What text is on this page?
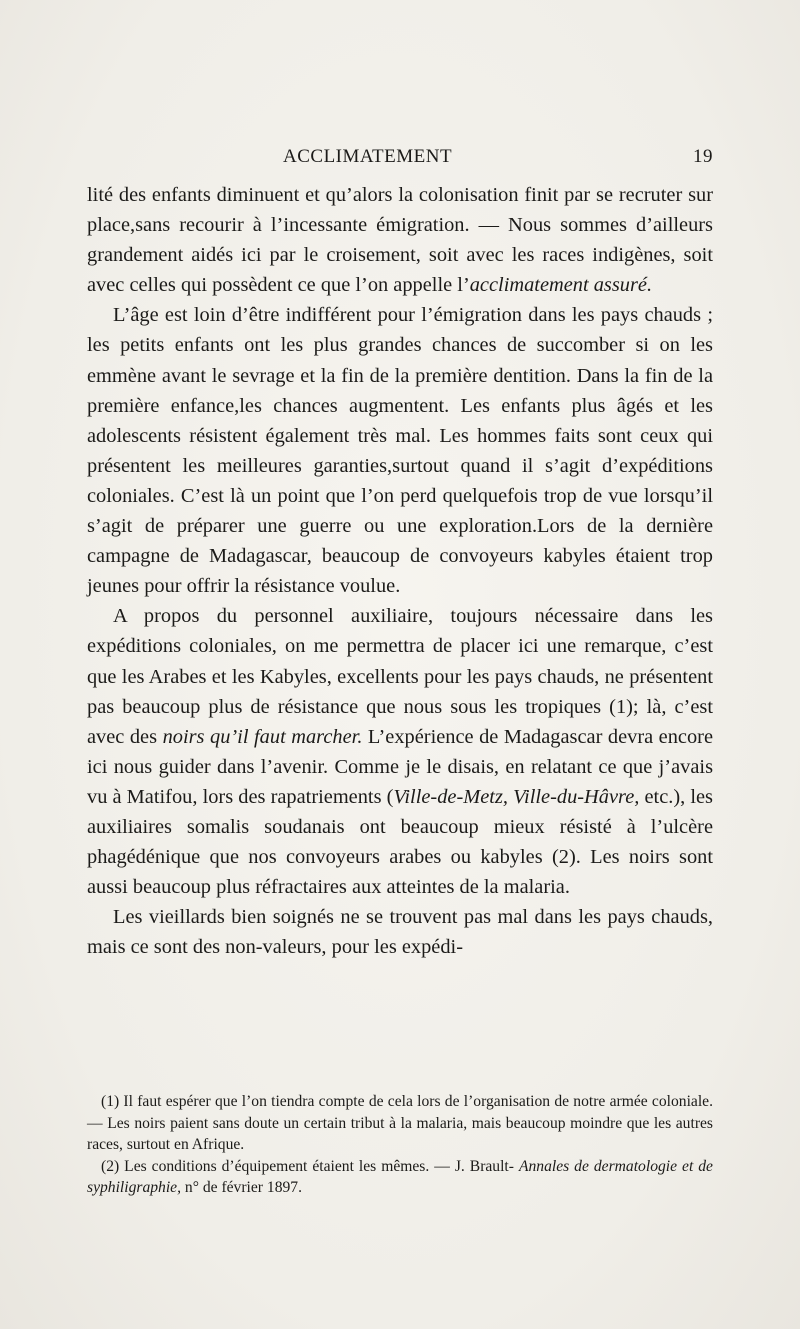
ACCLIMATEMENT	19

lité des enfants diminuent et qu’alors la colonisation finit par se recruter sur place,sans recourir à l’incessante émigration. — Nous sommes d’ailleurs grandement aidés ici par le croisement, soit avec les races indigènes, soit avec celles qui possèdent ce que l’on appelle l’acclimatement assuré.

L’âge est loin d’être indifférent pour l’émigration dans les pays chauds ; les petits enfants ont les plus grandes chances de succomber si on les emmène avant le sevrage et la fin de la première dentition. Dans la fin de la première enfance,les chances augmentent. Les enfants plus âgés et les adolescents résistent également très mal. Les hommes faits sont ceux qui présentent les meilleures garanties,surtout quand il s’agit d’expéditions coloniales. C’est là un point que l’on perd quelquefois trop de vue lorsqu’il s’agit de préparer une guerre ou une exploration.Lors de la dernière campagne de Madagascar, beaucoup de convoyeurs kabyles étaient trop jeunes pour offrir la résistance voulue.

A propos du personnel auxiliaire, toujours nécessaire dans les expéditions coloniales, on me permettra de placer ici une remarque, c’est que les Arabes et les Kabyles, excellents pour les pays chauds, ne présentent pas beaucoup plus de résistance que nous sous les tropiques (1); là, c’est avec des noirs qu’il faut marcher. L’expérience de Madagascar devra encore ici nous guider dans l’avenir. Comme je le disais, en relatant ce que j’avais vu à Matifou, lors des rapatriements (Ville-de-Metz, Ville-du-Hâvre, etc.), les auxiliaires somalis soudanais ont beaucoup mieux résisté à l’ulcère phagédénique que nos convoyeurs arabes ou kabyles (2). Les noirs sont aussi beaucoup plus réfractaires aux atteintes de la malaria.

Les vieillards bien soignés ne se trouvent pas mal dans les pays chauds, mais ce sont des non-valeurs, pour les expédi-

(1) Il faut espérer que l’on tiendra compte de cela lors de l’organisation de notre armée coloniale. — Les noirs paient sans doute un certain tribut à la malaria, mais beaucoup moindre que les autres races, surtout en Afrique.

(2) Les conditions d’équipement étaient les mêmes. — J. Brault- Annales de dermatologie et de syphiligraphie, n° de février 1897.
